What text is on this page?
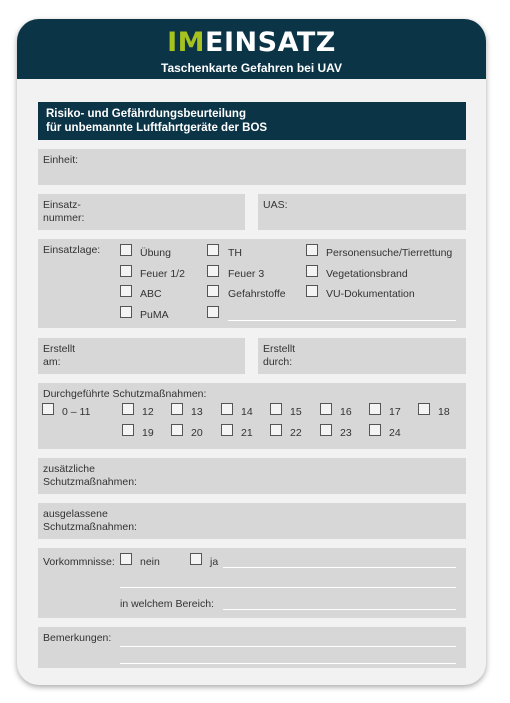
IMEINSATZ
Taschenkarte Gefahren bei UAV
Risiko- und Gefährdungsbeurteilung
für unbemannte Luftfahrtgeräte der BOS
Einheit:
Einsatz-
nummer:
UAS:
Einsatzlage:	Übung	TH	Personensuche/Tierrettung
Feuer 1/2	Feuer 3	Vegetationsbrand
ABC	Gefahrstoffe	VU-Dokumentation
PuMA
Erstellt
am:
Erstellt
durch:
Durchgeführte Schutzmaßnahmen:
0 – 11	12	13	14	15	16	17	18
19	20	21	22	23	24
zusätzliche
Schutzmaßnahmen:
ausgelassene
Schutzmaßnahmen:
Vorkommnisse: nein	ja
in welchem Bereich:
Bemerkungen:
